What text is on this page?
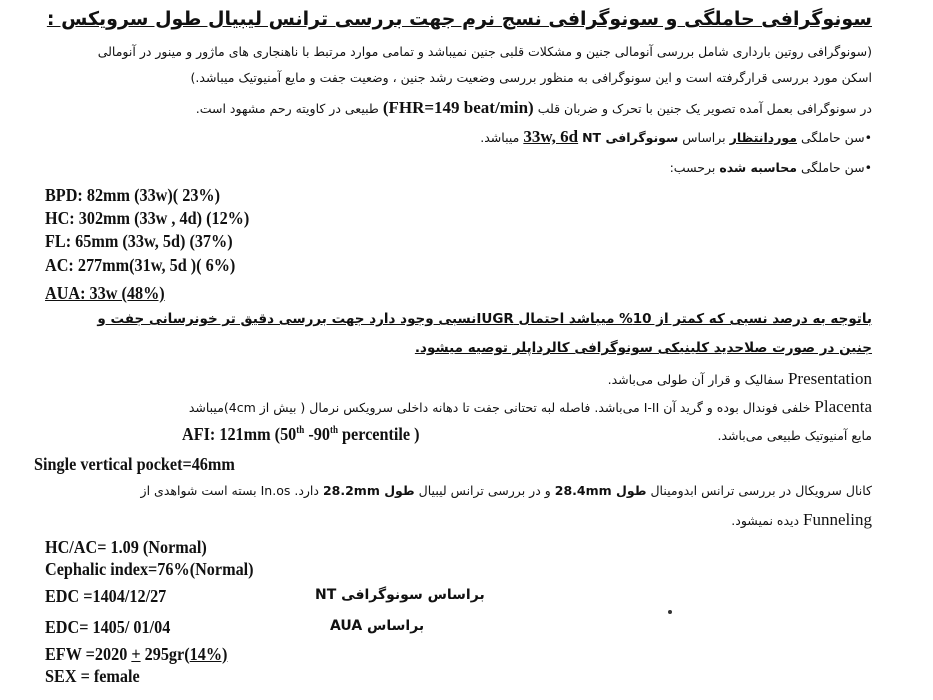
سونوگرافی حاملگی و سونوگرافی نسج نرم جهت بررسی ترانس لیبیال طول سرویکس :
(سونوگرافی روتین بارداری شامل بررسی آنومالی جنین و مشکلات قلبی جنین نمیباشد و تمامی موارد مرتبط با ناهنجاری های ماژور و مینور در آنومالی
اسکن مورد بررسی قرارگرفته است و این سونوگرافی به منظور بررسی وضعیت رشد جنین ، وضعیت جفت و مایع آمنیوتیک میباشد.)
در سونوگرافی بعمل آمده تصویر یک جنین با تحرک و ضربان قلب (FHR=149 beat/min) طبیعی در کاویته رحم مشهود است.
•سن حاملگی موردانتظار براساس سونوگرافی NT 33w, 6d میباشد.
•سن حاملگی محاسبه شده برحسب:
BPD: 82mm (33w)( 23%)
HC: 302mm (33w , 4d) (12%)
FL: 65mm (33w, 5d) (37%)
AC: 277mm(31w, 5d )( 6%)
AUA: 33w (48%)
باتوجه به درصد نسبی که کمتر از 10% میباشد احتمال IUGRنسبی وجود دارد جهت بررسی دقیق تر خونرسانی جفت و
جنین در صورت صلاحدید کلینیکی سونوگرافی کالرداپلر توصیه میشود.
Presentation سفالیک و قرار آن طولی می‌باشد.
Placenta خلفی فوندال بوده و گرید آن I-II می‌باشد. فاصله لبه تحتانی جفت تا دهانه داخلی سرویکس نرمال ( بیش از 4cm)میباشد
مایع آمنیوتیک طبیعی می‌باشد.
AFI: 121mm (50th -90th percentile )
Single vertical pocket=46mm
کانال سرویکال در بررسی ترانس ابدومینال طول 28.4mm و در بررسی ترانس لیبیال طول 28.2mm دارد. In.os بسته است شواهدی از
Funneling دیده نمیشود.
HC/AC= 1.09 (Normal)
Cephalic index=76%(Normal)
EDC =1404/12/27	براساس سونوگرافی NT
EDC= 1405/ 01/04	براساس AUA
EFW =2020 + 295gr(14%)
SEX = female
